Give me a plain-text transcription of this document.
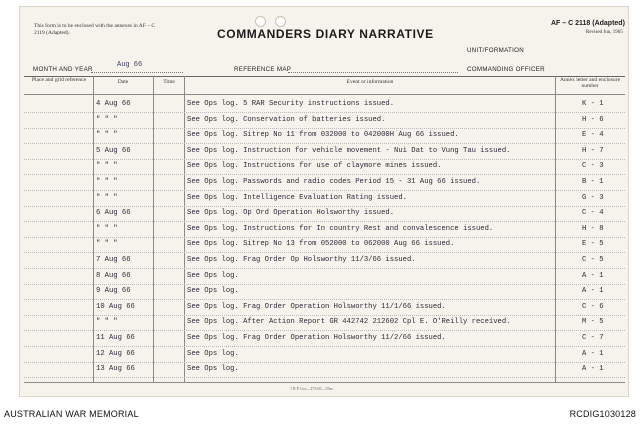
This form is to be enclosed with the annexes in AF – C 2119 (Adapted).	COMMANDERS DIARY NARRATIVE
AF – C 2118 (Adapted)
Revised Jun, 1965
UNIT/FORMATION
MONTH AND YEAR
Aug 66
REFERENCE MAP	COMMANDING OFFICER
Place and grid reference	Date	Time	Event or information	Annex letter and enclosure number
4 Aug 66	See Ops log. 5 RAR Security instructions issued.	K - 1
" " "	See Ops log. Conservation of batteries issued.	H - 6
" " "	See Ops log. Sitrep No 11 from 032000 to 042000H Aug 66 issued.	E - 4
5 Aug 66	See Ops log. Instruction for vehicle movement - Nui Dat to Vung Tau issued.	H - 7
" " "	See Ops log. Instructions for use of claymore mines issued.	C - 3
" " "	See Ops log. Passwords and radio codes Period 15 - 31 Aug 66 issued.	B - 1
" " "	See Ops log. Intelligence Evaluation Rating issued.	G - 3
6 Aug 66	See Ops log. Op Ord Operation Holsworthy issued.	C - 4
" " "	See Ops log. Instructions for In country Rest and convalescence issued.	H - 8
" " "	See Ops log. Sitrep No 13 from 052000 to 062000 Aug 66 issued.	E - 5
7 Aug 66	See Ops log. Frag Order Op Holsworthy 11/3/66 issued.	C - 5
8 Aug 66	See Ops log.	A - 1
9 Aug 66	See Ops log.	A - 1
10 Aug 66	See Ops log. Frag Order Operation Holsworthy 11/1/66 issued.	C - 6
" " "	See Ops log. After Action Report GR 442742 212602 Cpl E. O'Reilly received.	M - 5
11 Aug 66	See Ops log. Frag Order Operation Holsworthy 11/2/66 issued.	C - 7
12 Aug 66	See Ops log.	A - 1
13 Aug 66	See Ops log.	A - 1
1 R P Cov—275/65—55m
AUSTRALIAN WAR MEMORIAL	RCDIG1030128
